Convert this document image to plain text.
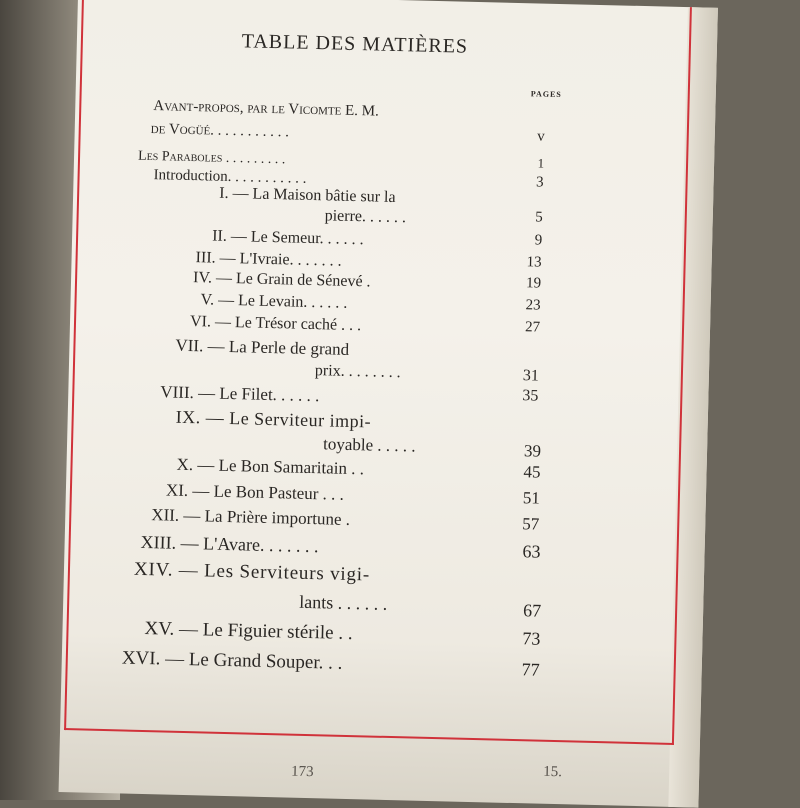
TABLE DES MATIÈRES
PAGES
Avant-propos, par le Vicomte E. M.
de Vogüé. . . . . . . . . . .	v
Les Paraboles . . . . . . . . .	1
Introduction. . . . . . . . . . .	3
I. — La Maison bâtie sur la
pierre. . . . . .	5
II. — Le Semeur. . . . . .	9
III. — L'Ivraie. . . . . . .	13
IV. — Le Grain de Sénevé .	19
V. — Le Levain. . . . . .	23
VI. — Le Trésor caché . . .	27
VII. — La Perle de grand
prix. . . . . . . .	31
VIII. — Le Filet. . . . . .	35
IX. — Le Serviteur impi-
toyable . . . . .	39
X. — Le Bon Samaritain . .	45
XI. — Le Bon Pasteur . . .	51
XII. — La Prière importune .	57
XIII. — L'Avare. . . . . . .	63
XIV. — Les Serviteurs vigi-
lants . . . . . .	67
XV. — Le Figuier stérile . .	73
XVI. — Le Grand Souper. . .	77
173	15.
